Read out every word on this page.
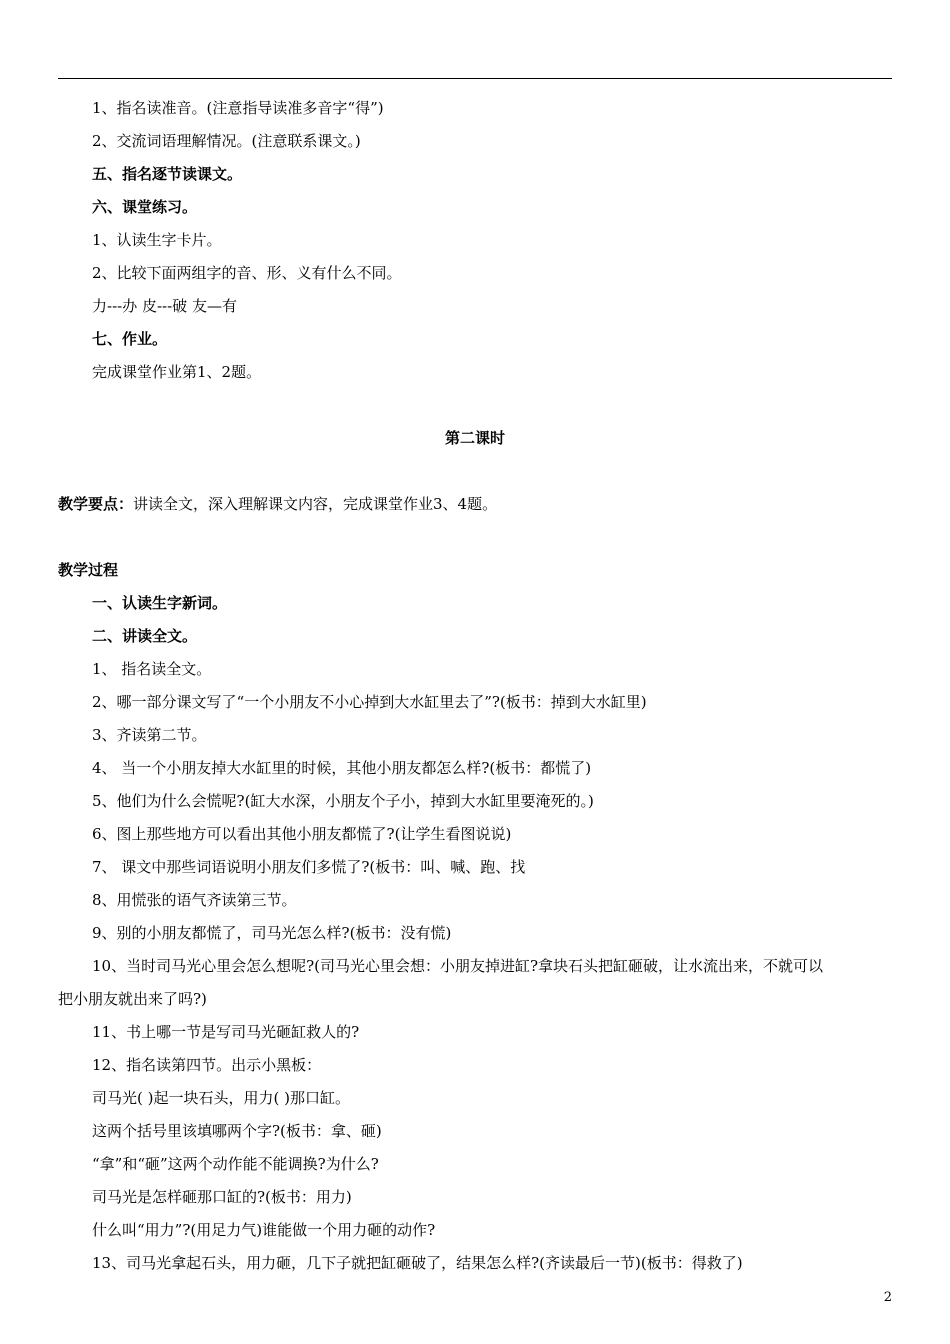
1、指名读准音。(注意指导读准多音字“得”)
2、交流词语理解情况。(注意联系课文。)
五、指名逐节读课文。
六、课堂练习。
1、认读生字卡片。
2、比较下面两组字的音、形、义有什么不同。
力---办 皮---破 友—有
七、作业。
完成课堂作业第1、2题。
第二课时
教学要点：讲读全文，深入理解课文内容，完成课堂作业3、4题。
教学过程
一、认读生字新词。
二、讲读全文。
1、 指名读全文。
2、哪一部分课文写了“一个小朋友不小心掉到大水缸里去了”?(板书：掉到大水缸里)
3、齐读第二节。
4、 当一个小朋友掉大水缸里的时候，其他小朋友都怎么样?(板书：都慌了)
5、他们为什么会慌呢?(缸大水深，小朋友个子小，掉到大水缸里要淹死的。)
6、图上那些地方可以看出其他小朋友都慌了?(让学生看图说说)
7、 课文中那些词语说明小朋友们多慌了?(板书：叫、喊、跑、找
8、用慌张的语气齐读第三节。
9、别的小朋友都慌了，司马光怎么样?(板书：没有慌)
10、当时司马光心里会怎么想呢?(司马光心里会想：小朋友掉进缸?拿块石头把缸砸破，让水流出来，不就可以
把小朋友就出来了吗?)
11、书上哪一节是写司马光砸缸救人的?
12、指名读第四节。出示小黑板：
司马光( )起一块石头，用力( )那口缸。
这两个括号里该填哪两个字?(板书：拿、砸)
“拿”和“砸”这两个动作能不能调换?为什么?
司马光是怎样砸那口缸的?(板书：用力)
什么叫“用力”?(用足力气)谁能做一个用力砸的动作?
13、司马光拿起石头，用力砸，几下子就把缸砸破了，结果怎么样?(齐读最后一节)(板书：得救了)
2
